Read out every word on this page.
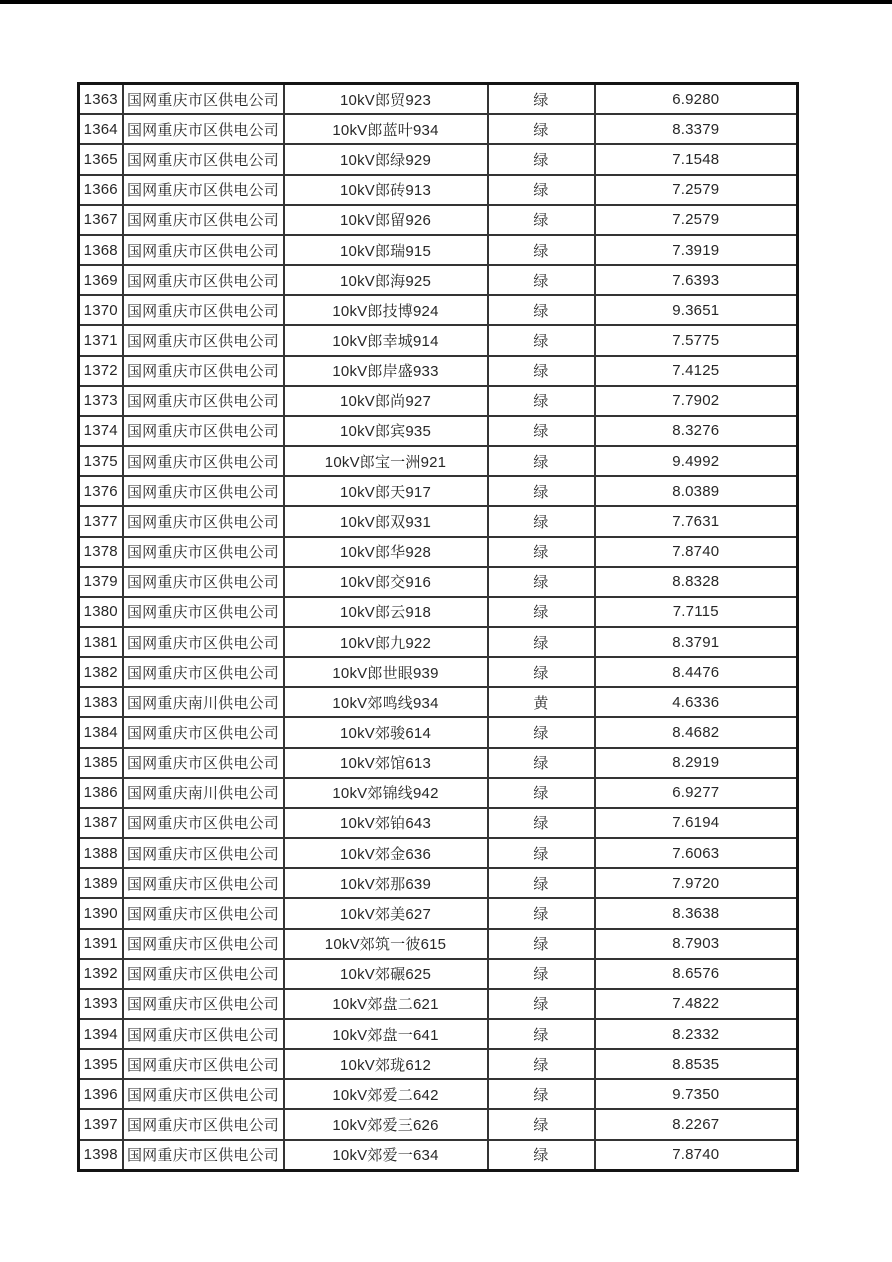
1363	国网重庆市区供电公司	10kV郎贸923	绿	6.9280
1364	国网重庆市区供电公司	10kV郎蓝叶934	绿	8.3379
1365	国网重庆市区供电公司	10kV郎绿929	绿	7.1548
1366	国网重庆市区供电公司	10kV郎砖913	绿	7.2579
1367	国网重庆市区供电公司	10kV郎留926	绿	7.2579
1368	国网重庆市区供电公司	10kV郎瑞915	绿	7.3919
1369	国网重庆市区供电公司	10kV郎海925	绿	7.6393
1370	国网重庆市区供电公司	10kV郎技博924	绿	9.3651
1371	国网重庆市区供电公司	10kV郎幸城914	绿	7.5775
1372	国网重庆市区供电公司	10kV郎岸盛933	绿	7.4125
1373	国网重庆市区供电公司	10kV郎尚927	绿	7.7902
1374	国网重庆市区供电公司	10kV郎宾935	绿	8.3276
1375	国网重庆市区供电公司	10kV郎宝一洲921	绿	9.4992
1376	国网重庆市区供电公司	10kV郎天917	绿	8.0389
1377	国网重庆市区供电公司	10kV郎双931	绿	7.7631
1378	国网重庆市区供电公司	10kV郎华928	绿	7.8740
1379	国网重庆市区供电公司	10kV郎交916	绿	8.8328
1380	国网重庆市区供电公司	10kV郎云918	绿	7.7115
1381	国网重庆市区供电公司	10kV郎九922	绿	8.3791
1382	国网重庆市区供电公司	10kV郎世眼939	绿	8.4476
1383	国网重庆南川供电公司	10kV郊鸣线934	黄	4.6336
1384	国网重庆市区供电公司	10kV郊骏614	绿	8.4682
1385	国网重庆市区供电公司	10kV郊馆613	绿	8.2919
1386	国网重庆南川供电公司	10kV郊锦线942	绿	6.9277
1387	国网重庆市区供电公司	10kV郊铂643	绿	7.6194
1388	国网重庆市区供电公司	10kV郊金636	绿	7.6063
1389	国网重庆市区供电公司	10kV郊那639	绿	7.9720
1390	国网重庆市区供电公司	10kV郊美627	绿	8.3638
1391	国网重庆市区供电公司	10kV郊筑一彼615	绿	8.7903
1392	国网重庆市区供电公司	10kV郊碾625	绿	8.6576
1393	国网重庆市区供电公司	10kV郊盘二621	绿	7.4822
1394	国网重庆市区供电公司	10kV郊盘一641	绿	8.2332
1395	国网重庆市区供电公司	10kV郊珑612	绿	8.8535
1396	国网重庆市区供电公司	10kV郊爱二642	绿	9.7350
1397	国网重庆市区供电公司	10kV郊爱三626	绿	8.2267
1398	国网重庆市区供电公司	10kV郊爱一634	绿	7.8740
